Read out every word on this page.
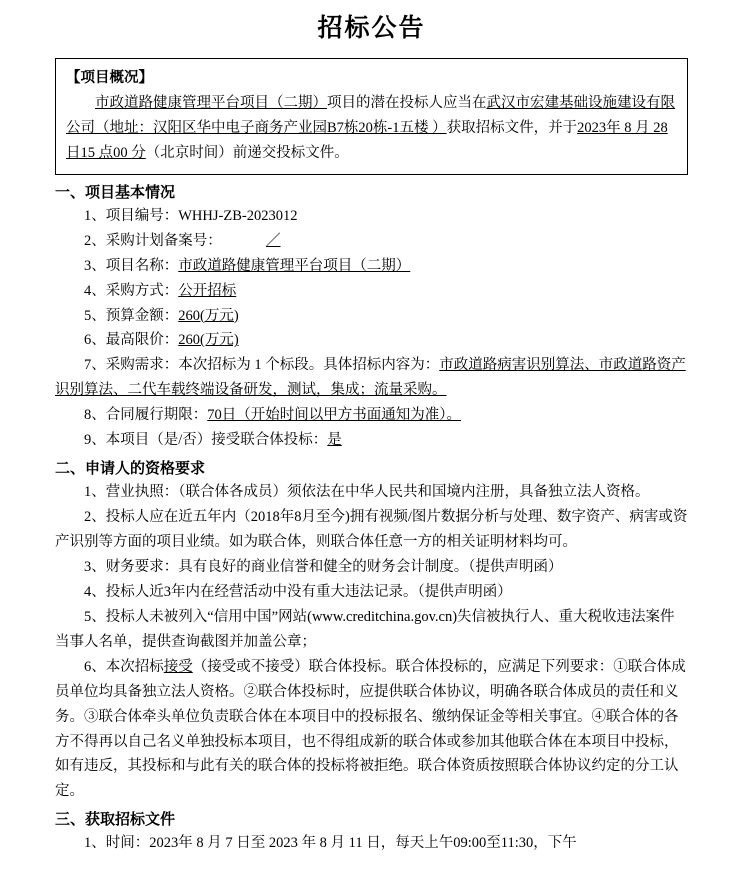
招标公告
【项目概况】
市政道路健康管理平台项目（二期）项目的潜在投标人应当在武汉市宏建基础设施建设有限公司（地址：汉阳区华中电子商务产业园B7栋20栋-1五楼 ）获取招标文件，并于2023年 8 月 28 日15 点00 分（北京时间）前递交投标文件。
一、项目基本情况

1、项目编号：WHHJ-ZB-2023012

2、采购计划备案号：	／

3、项目名称：市政道路健康管理平台项目（二期）

4、采购方式：公开招标

5、预算金额：260(万元)

6、最高限价：260(万元)

7、采购需求：本次招标为 1 个标段。具体招标内容为：市政道路病害识别算法、市政道路资产识别算法、二代车载终端设备研发，测试，集成；流量采购。

8、合同履行期限：70日（开始时间以甲方书面通知为准）。

9、本项目（是/否）接受联合体投标：是

二、申请人的资格要求

1、营业执照：（联合体各成员）须依法在中华人民共和国境内注册，具备独立法人资格。

2、投标人应在近五年内（2018年8月至今)拥有视频/图片数据分析与处理、数字资产、病害或资产识别等方面的项目业绩。如为联合体，则联合体任意一方的相关证明材料均可。

3、财务要求：具有良好的商业信誉和健全的财务会计制度。（提供声明函）

4、投标人近3年内在经营活动中没有重大违法记录。（提供声明函）

5、投标人未被列入“信用中国”网站(www.creditchina.gov.cn)失信被执行人、重大税收违法案件当事人名单，提供查询截图并加盖公章；

6、本次招标接受（接受或不接受）联合体投标。联合体投标的，应满足下列要求：①联合体成员单位均具备独立法人资格。②联合体投标时，应提供联合体协议，明确各联合体成员的责任和义务。③联合体牵头单位负责联合体在本项目中的投标报名、缴纳保证金等相关事宜。④联合体的各方不得再以自己名义单独投标本项目，也不得组成新的联合体或参加其他联合体在本项目中投标，如有违反，其投标和与此有关的联合体的投标将被拒绝。联合体资质按照联合体协议约定的分工认定。

三、获取招标文件

1、时间：2023年 8 月 7 日至 2023 年 8 月 11 日，每天上午09:00至11:30，下午
